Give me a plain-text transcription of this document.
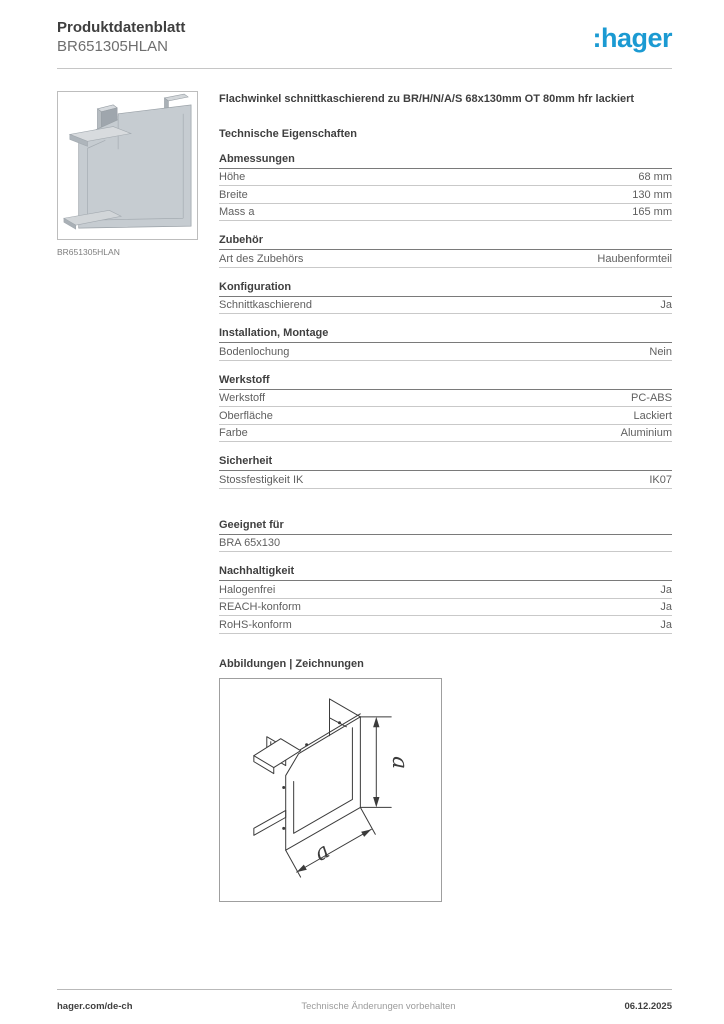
Produktdatenblatt
BR651305HLAN	:hager
BR651305HLAN

Flachwinkel schnittkaschierend zu BR/H/N/A/S 68x130mm OT 80mm hfr lackiert

Technische Eigenschaften
Abmessungen
Höhe	68 mm
Breite	130 mm
Mass a	165 mm
Zubehör
Art des Zubehörs	Haubenformteil
Konfiguration
Schnittkaschierend	Ja
Installation, Montage
Bodenlochung	Nein
Werkstoff
Werkstoff	PC-ABS
Oberfläche	Lackiert
Farbe	Aluminium
Sicherheit
Stossfestigkeit IK	IK07
Geeignet für
BRA 65x130
Nachhaltigkeit
Halogenfrei	Ja
REACH-konform	Ja
RoHS-konform	Ja
Abbildungen | Zeichnungen
a
a
hager.com/de-ch	Technische Änderungen vorbehalten	06.12.2025
